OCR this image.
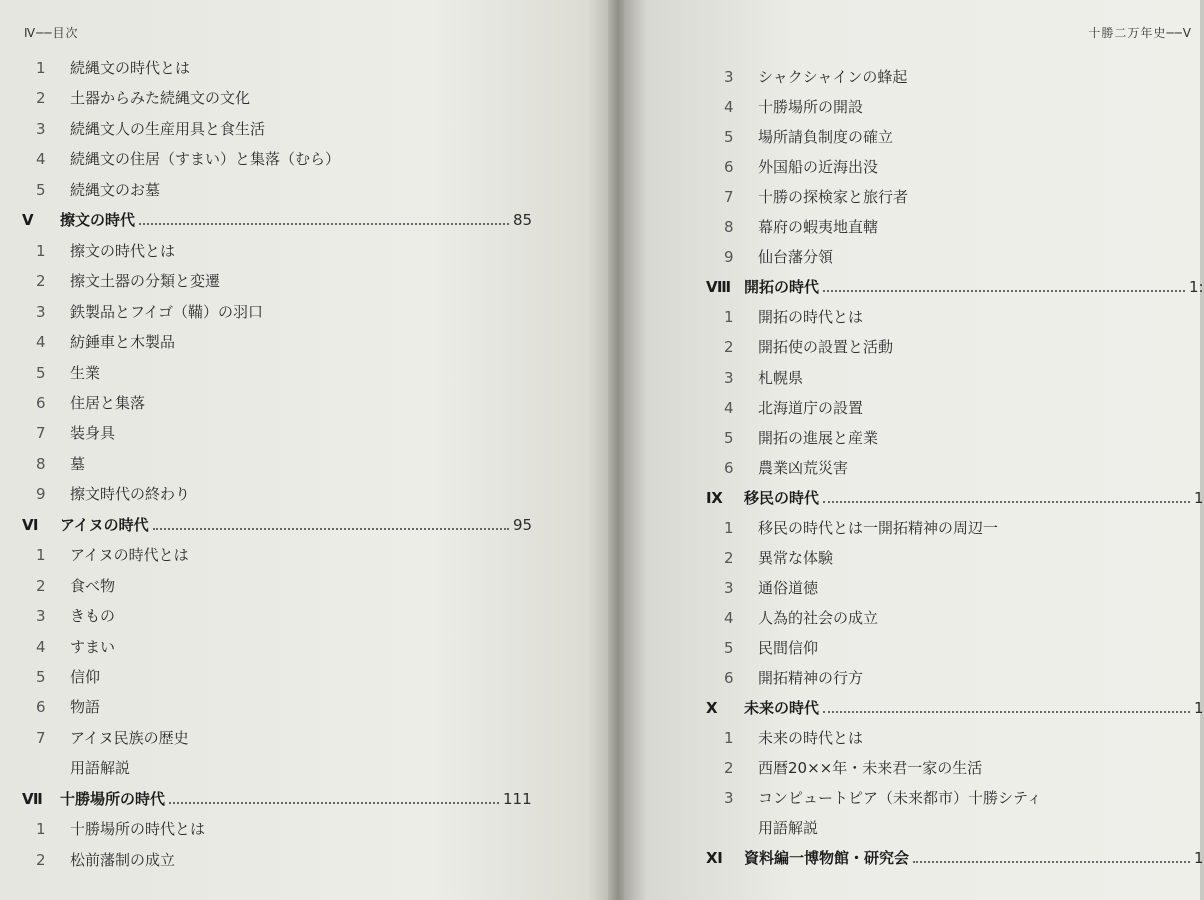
Ⅳ──目次
1 続縄文の時代とは
2 土器からみた続縄文の文化
3 続縄文人の生産用具と食生活
4 続縄文の住居（すまい）と集落（むら）
5 続縄文のお墓
Ⅴ 擦文の時代	85
1 擦文の時代とは
2 擦文土器の分類と変遷
3 鉄製品とフイゴ（鞴）の羽口
4 紡錘車と木製品
5 生業
6 住居と集落
7 装身具
8 墓
9 擦文時代の終わり
Ⅵ アイヌの時代	95
1 アイヌの時代とは
2 食べ物
3 きもの
4 すまい
5 信仰
6 物語
7 アイヌ民族の歴史
用語解説
Ⅶ 十勝場所の時代	111
1 十勝場所の時代とは
2 松前藩制の成立
十勝二万年史──Ⅴ
3 シャクシャインの蜂起
4 十勝場所の開設
5 場所請負制度の確立
6 外国船の近海出没
7 十勝の探検家と旅行者
8 幕府の蝦夷地直轄
9 仙台藩分領
Ⅷ 開拓の時代	1:
1 開拓の時代とは
2 開拓使の設置と活動
3 札幌県
4 北海道庁の設置
5 開拓の進展と産業
6 農業凶荒災害
Ⅸ 移民の時代	1
1 移民の時代とは一開拓精神の周辺一
2 異常な体験
3 通俗道徳
4 人為的社会の成立
5 民間信仰
6 開拓精神の行方
Ⅹ 未来の時代	1
1 未来の時代とは
2 西暦20××年・未来君一家の生活
3 コンピュートピア（未来都市）十勝シティ
用語解説
Ⅺ 資料編一博物館・研究会	1
